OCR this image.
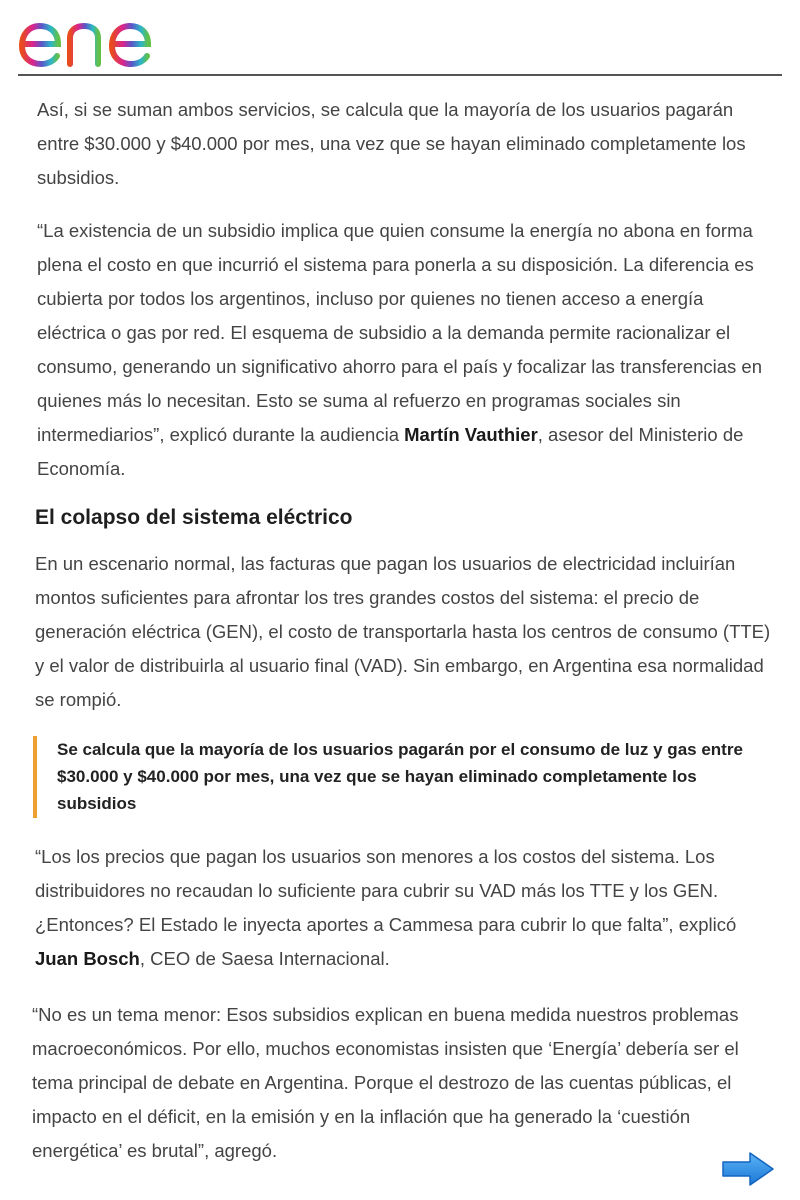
Así, si se suman ambos servicios, se calcula que la mayoría de los usuarios pagarán entre $30.000 y $40.000 por mes, una vez que se hayan eliminado completamente los subsidios.

“La existencia de un subsidio implica que quien consume la energía no abona en forma plena el costo en que incurrió el sistema para ponerla a su disposición. La diferencia es cubierta por todos los argentinos, incluso por quienes no tienen acceso a energía eléctrica o gas por red. El esquema de subsidio a la demanda permite racionalizar el consumo, generando un significativo ahorro para el país y focalizar las transferencias en quienes más lo necesitan. Esto se suma al refuerzo en programas sociales sin intermediarios”, explicó durante la audiencia Martín Vauthier, asesor del Ministerio de Economía.

El colapso del sistema eléctrico

En un escenario normal, las facturas que pagan los usuarios de electricidad incluirían montos suficientes para afrontar los tres grandes costos del sistema: el precio de generación eléctrica (GEN), el costo de transportarla hasta los centros de consumo (TTE) y el valor de distribuirla al usuario final (VAD). Sin embargo, en Argentina esa normalidad se rompió.

Se calcula que la mayoría de los usuarios pagarán por el consumo de luz y gas entre $30.000 y $40.000 por mes, una vez que se hayan eliminado completamente los subsidios

“Los los precios que pagan los usuarios son menores a los costos del sistema. Los distribuidores no recaudan lo suficiente para cubrir su VAD más los TTE y los GEN. ¿Entonces? El Estado le inyecta aportes a Cammesa para cubrir lo que falta”, explicó Juan Bosch, CEO de Saesa Internacional.

“No es un tema menor: Esos subsidios explican en buena medida nuestros problemas macroeconómicos. Por ello, muchos economistas insisten que ‘Energía’ debería ser el tema principal de debate en Argentina. Porque el destrozo de las cuentas públicas, el impacto en el déficit, en la emisión y en la inflación que ha generado la ‘cuestión energética’ es brutal”, agregó.
